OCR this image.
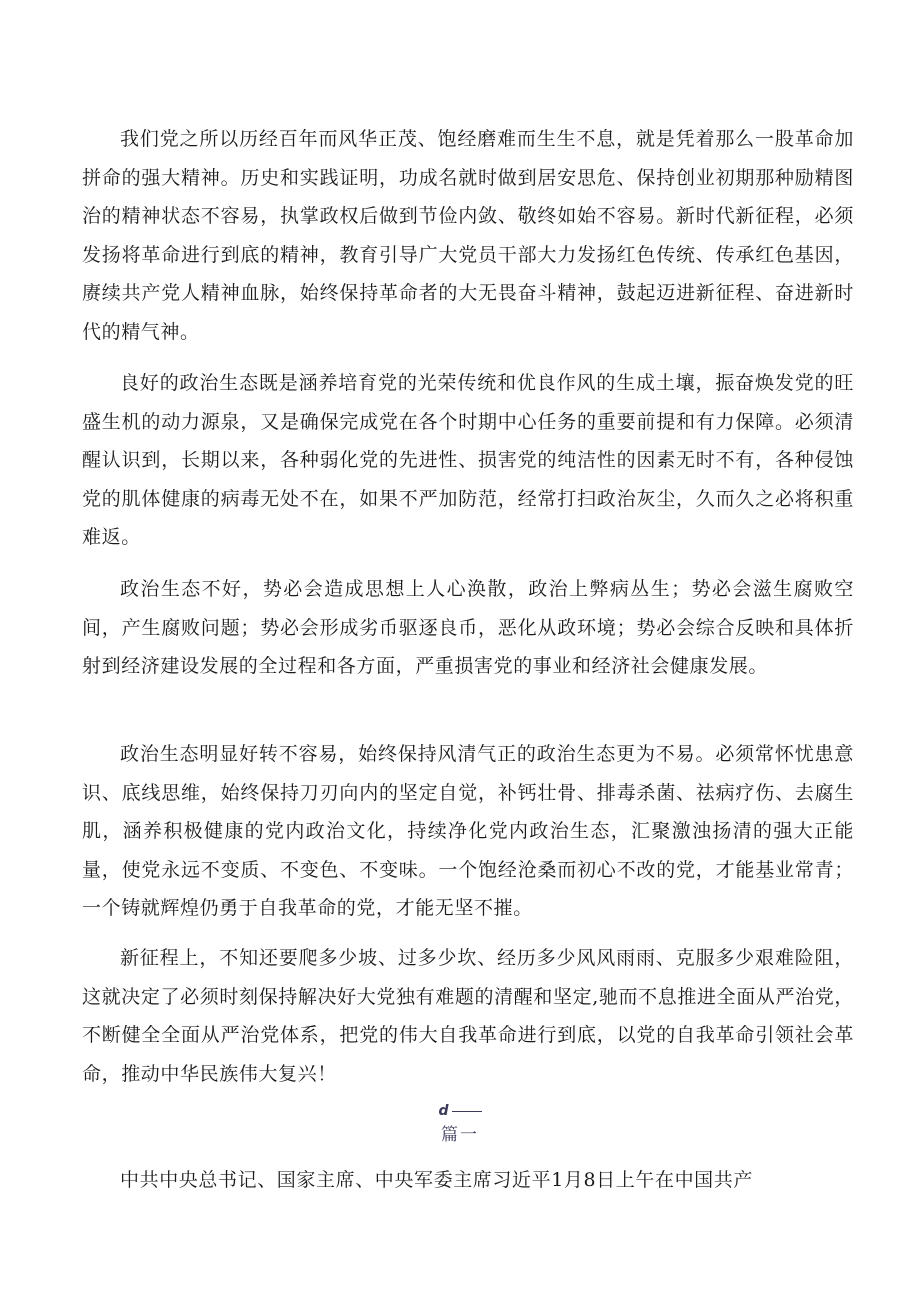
我们党之所以历经百年而风华正茂、饱经磨难而生生不息，就是凭着那么一股革命加拼命的强大精神。历史和实践证明，功成名就时做到居安思危、保持创业初期那种励精图治的精神状态不容易，执掌政权后做到节俭内敛、敬终如始不容易。新时代新征程，必须发扬将革命进行到底的精神，教育引导广大党员干部大力发扬红色传统、传承红色基因，赓续共产党人精神血脉，始终保持革命者的大无畏奋斗精神，鼓起迈进新征程、奋进新时代的精气神。

良好的政治生态既是涵养培育党的光荣传统和优良作风的生成土壤，振奋焕发党的旺盛生机的动力源泉，又是确保完成党在各个时期中心任务的重要前提和有力保障。必须清醒认识到，长期以来，各种弱化党的先进性、损害党的纯洁性的因素无时不有，各种侵蚀党的肌体健康的病毒无处不在，如果不严加防范，经常打扫政治灰尘，久而久之必将积重难返。

政治生态不好，势必会造成思想上人心涣散，政治上弊病丛生；势必会滋生腐败空间，产生腐败问题；势必会形成劣币驱逐良币，恶化从政环境；势必会综合反映和具体折射到经济建设发展的全过程和各方面，严重损害党的事业和经济社会健康发展。

政治生态明显好转不容易，始终保持风清气正的政治生态更为不易。必须常怀忧患意识、底线思维，始终保持刀刃向内的坚定自觉，补钙壮骨、排毒杀菌、祛病疗伤、去腐生肌，涵养积极健康的党内政治文化，持续净化党内政治生态，汇聚激浊扬清的强大正能量，使党永远不变质、不变色、不变味。一个饱经沧桑而初心不改的党，才能基业常青；一个铸就辉煌仍勇于自我革命的党，才能无坚不摧。

新征程上，不知还要爬多少坡、过多少坎、经历多少风风雨雨、克服多少艰难险阻，这就决定了必须时刻保持解决好大党独有难题的清醒和坚定,驰而不息推进全面从严治党，不断健全全面从严治党体系，把党的伟大自我革命进行到底，以党的自我革命引领社会革命，推动中华民族伟大复兴！

d
篇一

中共中央总书记、国家主席、中央军委主席习近平1月8日上午在中国共产
